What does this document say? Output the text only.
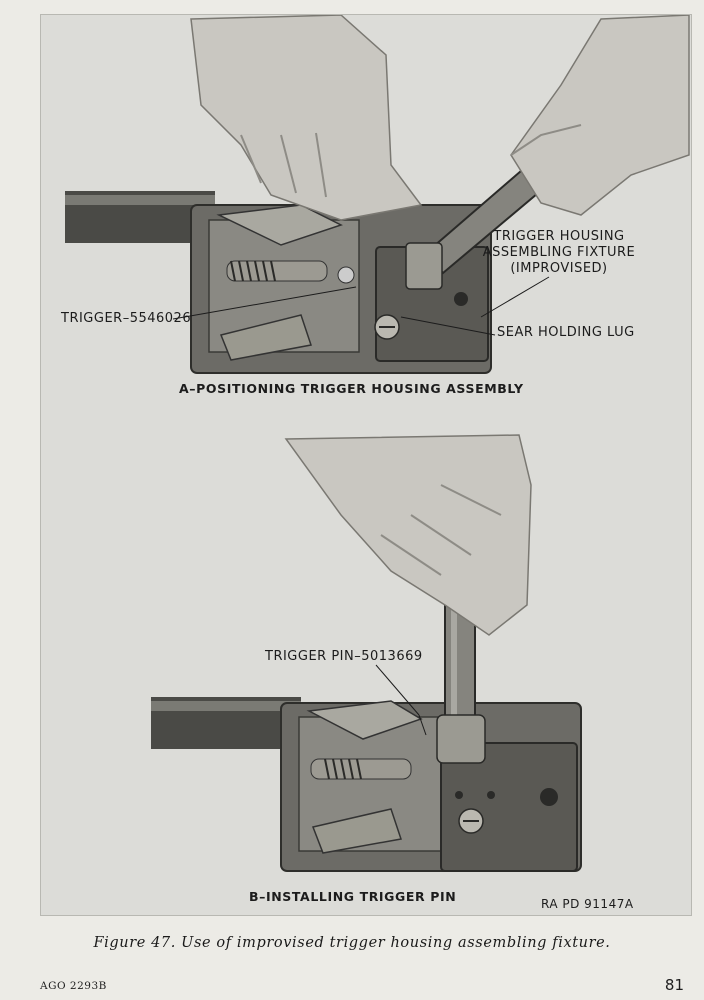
TRIGGER HOUSING
ASSEMBLING FIXTURE
(IMPROVISED)
TRIGGER–5546026
SEAR HOLDING LUG
A–POSITIONING TRIGGER HOUSING ASSEMBLY
TRIGGER PIN–5013669
B–INSTALLING TRIGGER PIN	RA PD 91147A
Figure 47. Use of improvised trigger housing assembling fixture.
AGO 2293B	81
